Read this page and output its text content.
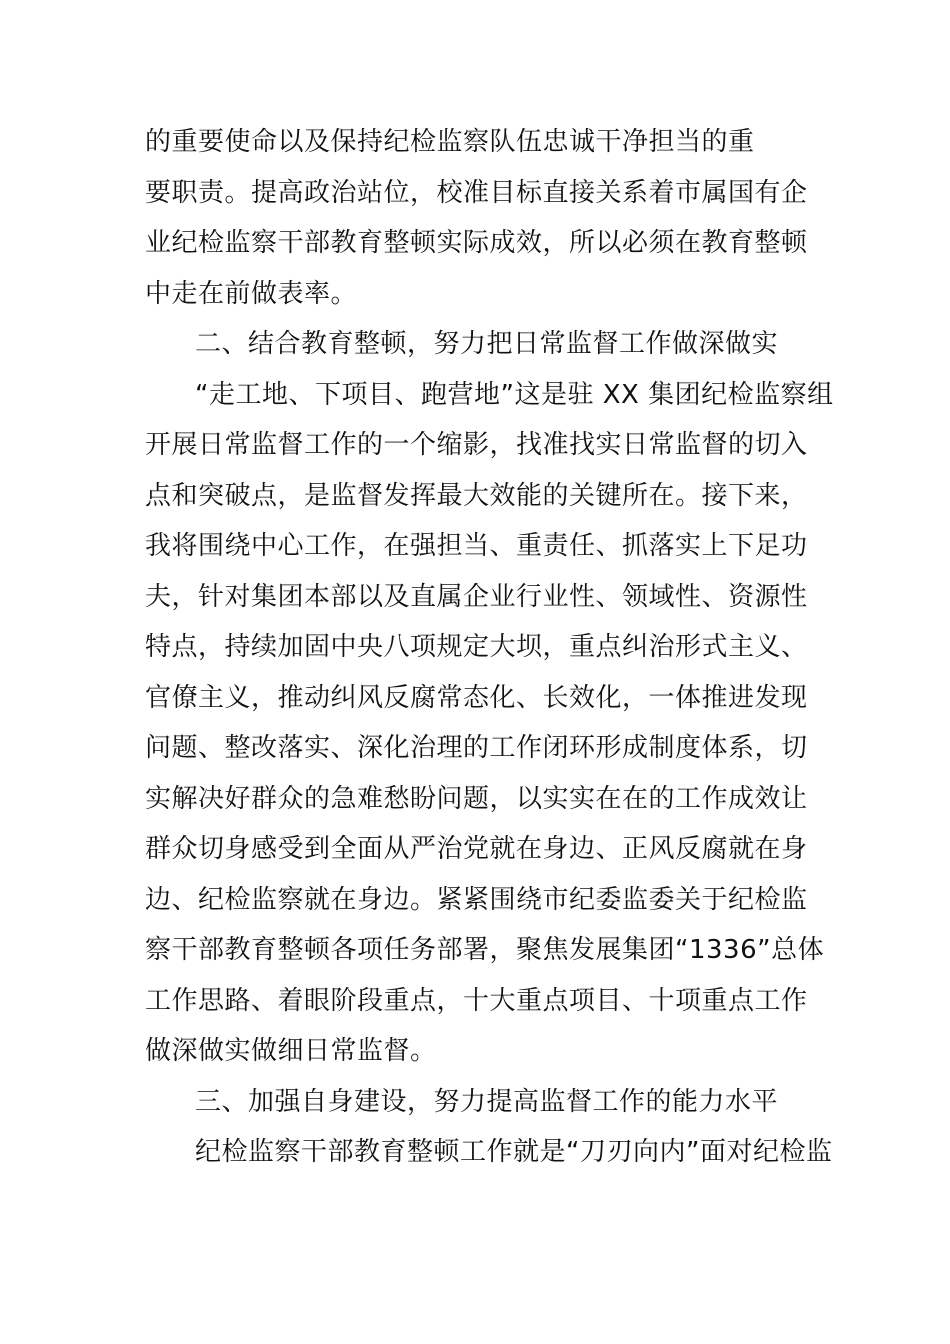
的重要使命以及保持纪检监察队伍忠诚干净担当的重
要职责。提高政治站位，校准目标直接关系着市属国有企
业纪检监察干部教育整顿实际成效，所以必须在教育整顿
中走在前做表率。
二、结合教育整顿，努力把日常监督工作做深做实
“走工地、下项目、跑营地”这是驻 XX 集团纪检监察组
开展日常监督工作的一个缩影，找准找实日常监督的切入
点和突破点，是监督发挥最大效能的关键所在。接下来，
我将围绕中心工作，在强担当、重责任、抓落实上下足功
夫，针对集团本部以及直属企业行业性、领域性、资源性
特点，持续加固中央八项规定大坝，重点纠治形式主义、
官僚主义，推动纠风反腐常态化、长效化，一体推进发现
问题、整改落实、深化治理的工作闭环形成制度体系，切
实解决好群众的急难愁盼问题，以实实在在的工作成效让
群众切身感受到全面从严治党就在身边、正风反腐就在身
边、纪检监察就在身边。紧紧围绕市纪委监委关于纪检监
察干部教育整顿各项任务部署，聚焦发展集团“1336”总体
工作思路、着眼阶段重点，十大重点项目、十项重点工作
做深做实做细日常监督。
三、加强自身建设，努力提高监督工作的能力水平
纪检监察干部教育整顿工作就是“刀刃向内”面对纪检监
